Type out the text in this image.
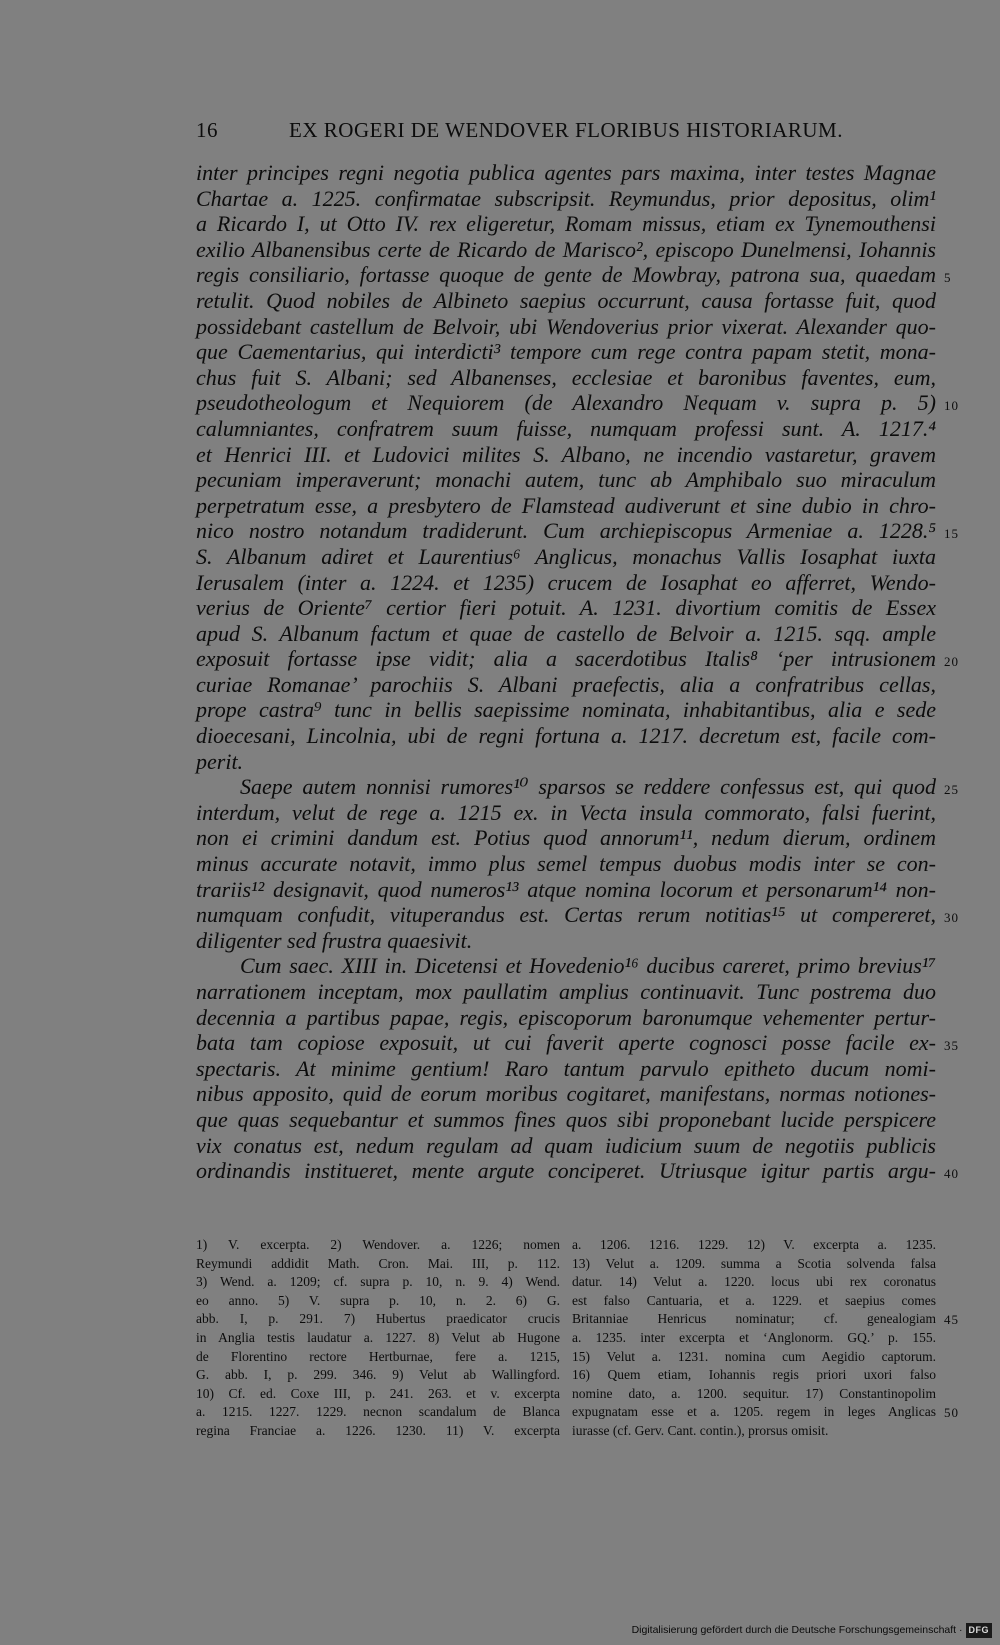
16	EX ROGERI DE WENDOVER FLORIBUS HISTORIARUM.
inter principes regni negotia publica agentes pars maxima, inter testes Magnae
Chartae a. 1225. confirmatae subscripsit. Reymundus, prior depositus, olim¹
a Ricardo I, ut Otto IV. rex eligeretur, Romam missus, etiam ex Tynemouthensi
exilio Albanensibus certe de Ricardo de Marisco², episcopo Dunelmensi, Iohannis
regis consiliario, fortasse quoque de gente de Mowbray, patrona sua, quaedam
retulit. Quod nobiles de Albineto saepius occurrunt, causa fortasse fuit, quod
possidebant castellum de Belvoir, ubi Wendoverius prior vixerat. Alexander quo-
que Caementarius, qui interdicti³ tempore cum rege contra papam stetit, mona-
chus fuit S. Albani; sed Albanenses, ecclesiae et baronibus faventes, eum,
pseudotheologum et Nequiorem (de Alexandro Nequam v. supra p. 5)
calumniantes, confratrem suum fuisse, numquam professi sunt. A. 1217.⁴
et Henrici III. et Ludovici milites S. Albano, ne incendio vastaretur, gravem
pecuniam imperaverunt; monachi autem, tunc ab Amphibalo suo miraculum
perpetratum esse, a presbytero de Flamstead audiverunt et sine dubio in chro-
nico nostro notandum tradiderunt. Cum archiepiscopus Armeniae a. 1228.⁵
S. Albanum adiret et Laurentius⁶ Anglicus, monachus Vallis Iosaphat iuxta
Ierusalem (inter a. 1224. et 1235) crucem de Iosaphat eo afferret, Wendo-
verius de Oriente⁷ certior fieri potuit. A. 1231. divortium comitis de Essex
apud S. Albanum factum et quae de castello de Belvoir a. 1215. sqq. ample
exposuit fortasse ipse vidit; alia a sacerdotibus Italis⁸ ‘per intrusionem
curiae Romanae’ parochiis S. Albani praefectis, alia a confratribus cellas,
prope castra⁹ tunc in bellis saepissime nominata, inhabitantibus, alia e sede
dioecesani, Lincolnia, ubi de regni fortuna a. 1217. decretum est, facile com-
perit.
Saepe autem nonnisi rumores¹⁰ sparsos se reddere confessus est, qui quod
interdum, velut de rege a. 1215 ex. in Vecta insula commorato, falsi fuerint,
non ei crimini dandum est. Potius quod annorum¹¹, nedum dierum, ordinem
minus accurate notavit, immo plus semel tempus duobus modis inter se con-
trariis¹² designavit, quod numeros¹³ atque nomina locorum et personarum¹⁴ non-
numquam confudit, vituperandus est. Certas rerum notitias¹⁵ ut compereret,
diligenter sed frustra quaesivit.
Cum saec. XIII in. Dicetensi et Hovedenio¹⁶ ducibus careret, primo brevius¹⁷
narrationem inceptam, mox paullatim amplius continuavit. Tunc postrema duo
decennia a partibus papae, regis, episcoporum baronumque vehementer pertur-
bata tam copiose exposuit, ut cui faverit aperte cognosci posse facile ex-
spectaris. At minime gentium! Raro tantum parvulo epitheto ducum nomi-
nibus apposito, quid de eorum moribus cogitaret, manifestans, normas notiones-
que quas sequebantur et summos fines quos sibi proponebant lucide perspicere
vix conatus est, nedum regulam ad quam iudicium suum de negotiis publicis
ordinandis institueret, mente argute conciperet. Utriusque igitur partis argu-
5
10
15
20
25
30
35
40
1) V. excerpta. 2) Wendover. a. 1226; nomen
Reymundi addidit Math. Cron. Mai. III, p. 112.
3) Wend. a. 1209; cf. supra p. 10, n. 9. 4) Wend.
eo anno. 5) V. supra p. 10, n. 2. 6) G.
abb. I, p. 291. 7) Hubertus praedicator crucis
in Anglia testis laudatur a. 1227. 8) Velut ab Hugone
de Florentino rectore Hertburnae, fere a. 1215,
G. abb. I, p. 299. 346. 9) Velut ab Wallingford.
10) Cf. ed. Coxe III, p. 241. 263. et v. excerpta
a. 1215. 1227. 1229. necnon scandalum de Blanca
regina Franciae a. 1226. 1230. 11) V. excerpta
a. 1206. 1216. 1229. 12) V. excerpta a. 1235.
13) Velut a. 1209. summa a Scotia solvenda falsa
datur. 14) Velut a. 1220. locus ubi rex coronatus
est falso Cantuaria, et a. 1229. et saepius comes
Britanniae Henricus nominatur; cf. genealogiam
a. 1235. inter excerpta et ‘Anglonorm. GQ.’ p. 155.
15) Velut a. 1231. nomina cum Aegidio captorum.
16) Quem etiam, Iohannis regis priori uxori falso
nomine dato, a. 1200. sequitur. 17) Constantinopolim
expugnatam esse et a. 1205. regem in leges Anglicas
iurasse (cf. Gerv. Cant. contin.), prorsus omisit.
45
50
Digitalisierung gefördert durch die Deutsche Forschungsgemeinschaft · DFG
